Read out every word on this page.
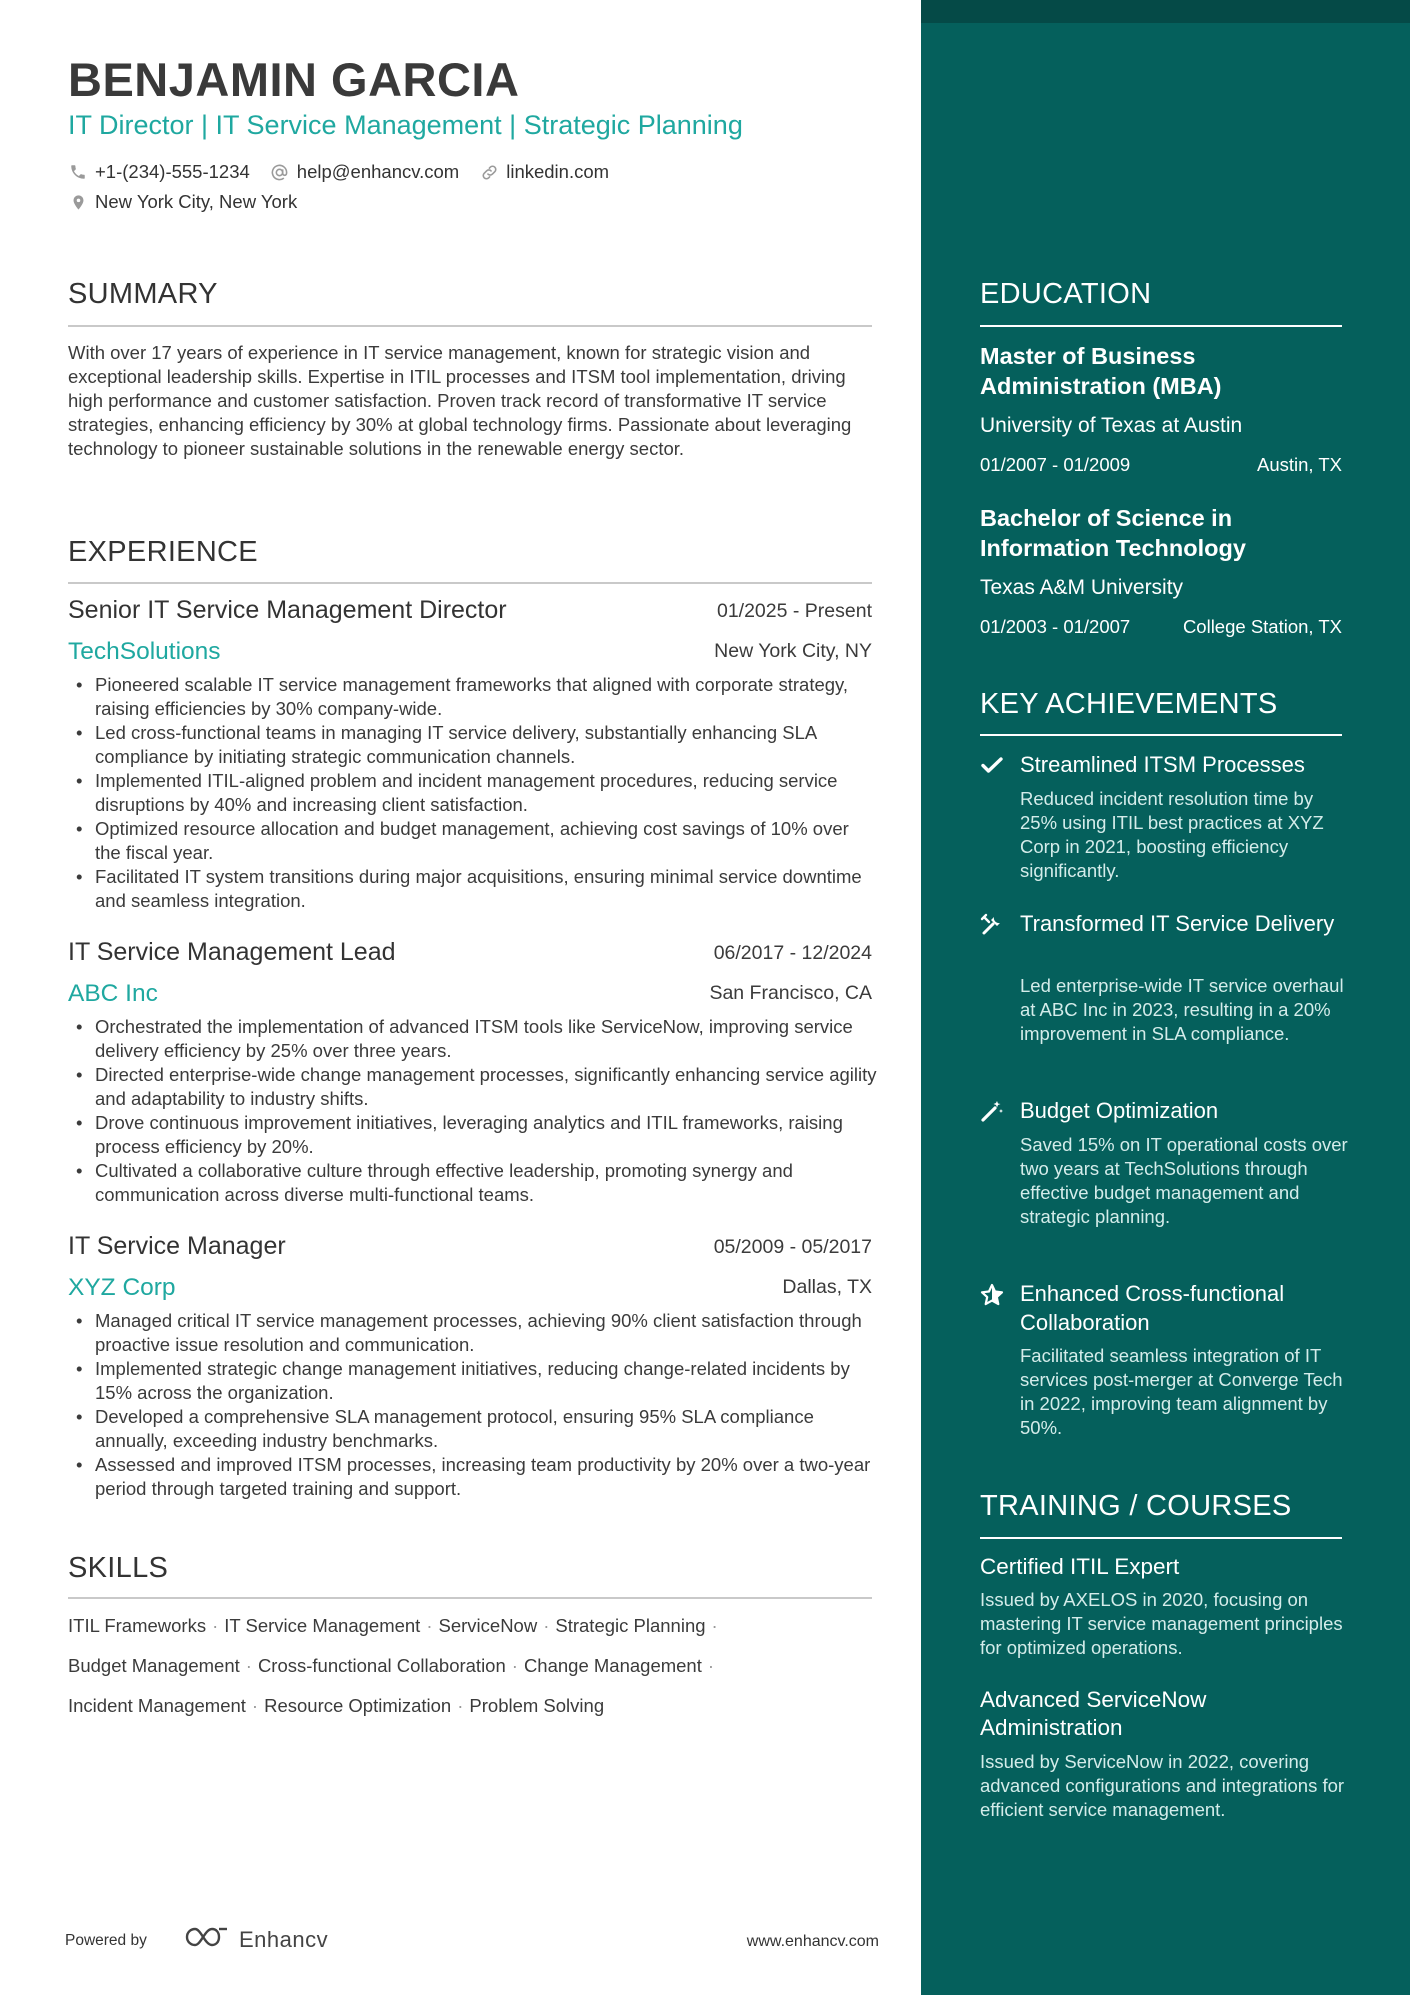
BENJAMIN GARCIA
IT Director | IT Service Management | Strategic Planning
+1-(234)-555-1234	help@enhancv.com	linkedin.com
New York City, New York
SUMMARY
With over 17 years of experience in IT service management, known for strategic vision and exceptional leadership skills. Expertise in ITIL processes and ITSM tool implementation, driving high performance and customer satisfaction. Proven track record of transformative IT service strategies, enhancing efficiency by 30% at global technology firms. Passionate about leveraging technology to pioneer sustainable solutions in the renewable energy sector.
EXPERIENCE
Senior IT Service Management Director	01/2025 - Present
TechSolutions	New York City, NY
• Pioneered scalable IT service management frameworks that aligned with corporate strategy, raising efficiencies by 30% company-wide.
• Led cross-functional teams in managing IT service delivery, substantially enhancing SLA compliance by initiating strategic communication channels.
• Implemented ITIL-aligned problem and incident management procedures, reducing service disruptions by 40% and increasing client satisfaction.
• Optimized resource allocation and budget management, achieving cost savings of 10% over the fiscal year.
• Facilitated IT system transitions during major acquisitions, ensuring minimal service downtime and seamless integration.
IT Service Management Lead	06/2017 - 12/2024
ABC Inc	San Francisco, CA
• Orchestrated the implementation of advanced ITSM tools like ServiceNow, improving service delivery efficiency by 25% over three years.
• Directed enterprise-wide change management processes, significantly enhancing service agility and adaptability to industry shifts.
• Drove continuous improvement initiatives, leveraging analytics and ITIL frameworks, raising process efficiency by 20%.
• Cultivated a collaborative culture through effective leadership, promoting synergy and communication across diverse multi-functional teams.
IT Service Manager	05/2009 - 05/2017
XYZ Corp	Dallas, TX
• Managed critical IT service management processes, achieving 90% client satisfaction through proactive issue resolution and communication.
• Implemented strategic change management initiatives, reducing change-related incidents by 15% across the organization.
• Developed a comprehensive SLA management protocol, ensuring 95% SLA compliance annually, exceeding industry benchmarks.
• Assessed and improved ITSM processes, increasing team productivity by 20% over a two-year period through targeted training and support.
SKILLS
ITIL Frameworks · IT Service Management · ServiceNow · Strategic Planning ·
Budget Management · Cross-functional Collaboration · Change Management ·
Incident Management · Resource Optimization · Problem Solving
Powered by	Enhancv	www.enhancv.com
EDUCATION
Master of Business Administration (MBA)
University of Texas at Austin
01/2007 - 01/2009	Austin, TX
Bachelor of Science in Information Technology
Texas A&M University
01/2003 - 01/2007	College Station, TX
KEY ACHIEVEMENTS
Streamlined ITSM Processes
Reduced incident resolution time by 25% using ITIL best practices at XYZ Corp in 2021, boosting efficiency significantly.
Transformed IT Service Delivery
Led enterprise-wide IT service overhaul at ABC Inc in 2023, resulting in a 20% improvement in SLA compliance.
Budget Optimization
Saved 15% on IT operational costs over two years at TechSolutions through effective budget management and strategic planning.
Enhanced Cross-functional Collaboration
Facilitated seamless integration of IT services post-merger at Converge Tech in 2022, improving team alignment by 50%.
TRAINING / COURSES
Certified ITIL Expert
Issued by AXELOS in 2020, focusing on mastering IT service management principles for optimized operations.
Advanced ServiceNow Administration
Issued by ServiceNow in 2022, covering advanced configurations and integrations for efficient service management.
